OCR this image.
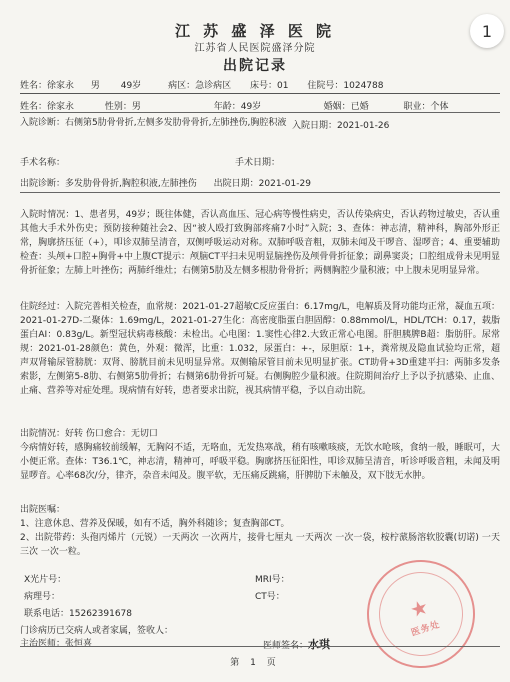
1
江 苏 盛 泽 医 院
江苏省人民医院盛泽分院
出院记录
姓名：徐家永 男 49岁	病区：急诊病区 床号：01 住院号：1024788
姓名：徐家永	性别：男	年龄：49岁	婚姻：已婚	职业：个体
入院诊断：右侧第5肋骨骨折,左侧多发肋骨骨折,左肺挫伤,胸腔积液 入院日期：2021-01-26
手术名称：	手术日期：
出院诊断：多发肋骨骨折,胸腔积液,左肺挫伤 出院日期：2021-01-29
入院时情况：1、患者男，49岁；既往体健，否认高血压、冠心病等慢性病史，否认传染病史，否认药物过敏史，否认重其他大手术外伤史；预防接种随社会2、因“被人殴打致胸部疼痛7小时”入院；3、查体：神志清，精神科，胸部外形正常，胸廓挤压征（+），叩诊双肺呈清音，双侧呼吸运动对称。双肺呼吸音粗，双肺未闻及干啰音、湿啰音；4、重要辅助检查：头颅+口腔+胸骨+中上腹CT提示：颅脑CT平扫未见明显脑挫伤及颅骨骨折征象；副鼻窦炎；口腔组成骨未见明显骨折征象；左肺上叶挫伤；两肺纤维灶；右侧第5肋及左侧多根肋骨骨折；两侧胸腔少量积液；中上腹未见明显异常。
住院经过：入院完善相关检查，血常规：2021-01-27超敏C反应蛋白：6.17mg/L，电解质及肾功能均正常，凝血五项：2021-01-27D-二聚体：1.69mg/L，2021-01-27生化：高密度脂蛋白胆固醇：0.88mmol/L，HDL/TCH：0.17，载脂蛋白AI：0.83g/L。新型冠状病毒核酸：未检出。心电图：1.窦性心律2.大致正常心电图。肝胆胰脾B超：脂肪肝。尿常规：2021-01-28颜色：黄色，外观：微浑，比重：1.032，尿蛋白：+-，尿胆原：1+，粪常规及隐血试验均正常，超声双肾输尿管膀胱：双肾、膀胱目前未见明显异常。双侧输尿管目前未见明显扩张。CT助骨+3D重建平扫：两肺多发条索影，左侧第5-8肋、右侧第5肋骨折；右侧第6肋骨折可疑。右侧胸腔少量积液。住院期间治疗上予以予抗感染、止血、止痛、营养等对症处理。现病情有好转，患者要求出院，视其病情平稳，予以自动出院。
出院情况：好转 伤口愈合：无切口
今病情好转，感胸痛较前缓解，无胸闷不适，无咯血，无发热寒战，稍有咳嗽咳痰，无饮水呛咳，食纳一般，睡眠可，大小便正常。查体：T36.1℃，神志清，精神可，呼吸平稳。胸廓挤压征阳性，叩诊双肺呈清音，听诊呼吸音粗，未闻及明显啰音。心率68次/分，律齐，杂音未闻及。腹平软，无压痛反跳痛，肝脾肋下未触及，双下肢无水肿。
出院医嘱：
1、注意休息、营养及保暖，如有不适，胸外科随诊；复查胸部CT。
2、出院带药：头孢丙烯片（元锐）一天两次 一次两片，接骨七厘丸 一天两次 一次一袋，桉柠蒎肠溶软胶囊(切诺) 一天三次 一次一粒。
X光片号：	MRI号：
病理号：	CT号：
联系电话：15262391678
门诊病历已交病人或者家属，签收人：
★
医务处
主治医师：张恒喜	医师签名：水琪
第 1 页
